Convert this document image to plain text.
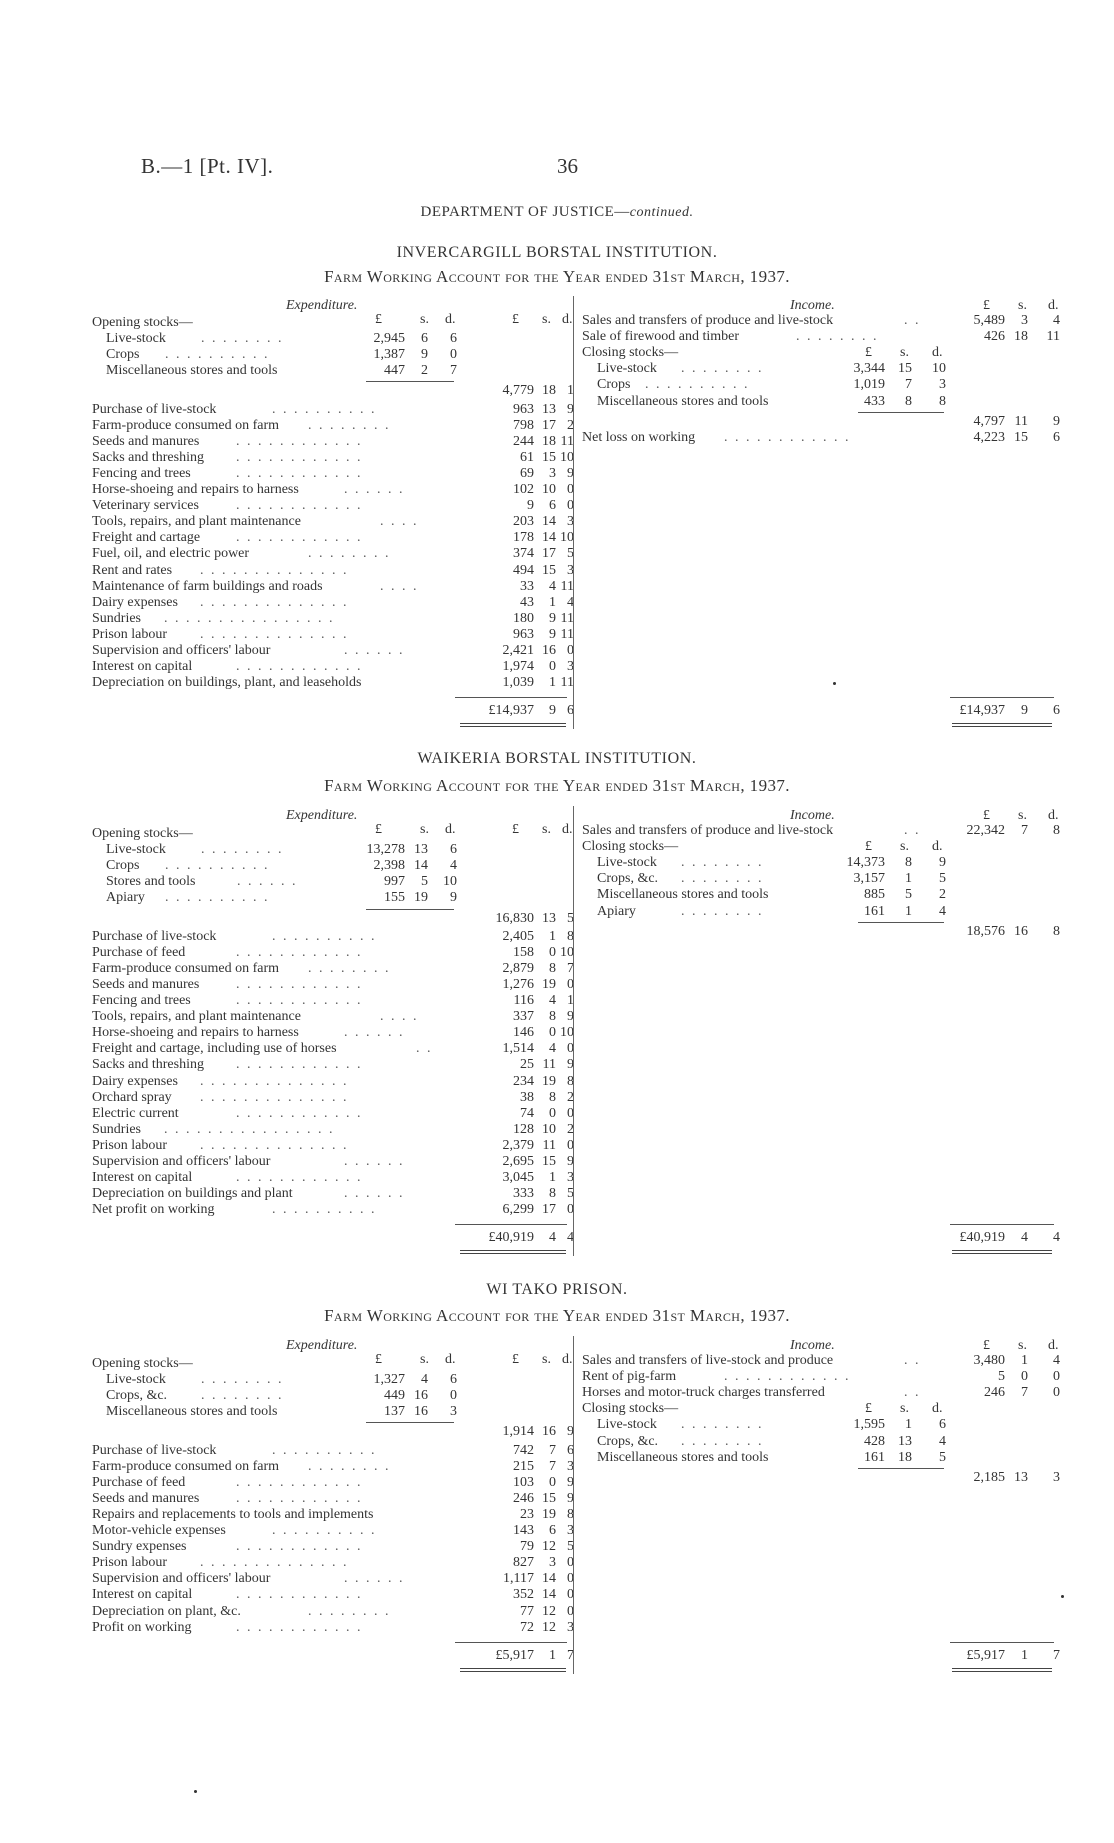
B.—1 [Pt. IV].	36
DEPARTMENT OF JUSTICE—continued.
INVERCARGILL BORSTAL INSTITUTION.
Farm Working Account for the Year ended 31st March, 1937.
Expenditure.	Income.
£	s. d.	£ s. d.
£ s. d.
Opening stocks—
Live-stock	. . . . . . . .	2,945	6	6
Crops . . . . . . . . . .	1,387	9	0
Miscellaneous stores and tools	447	2	7
4,779 18 1
Purchase of live-stock	. . . . . . . . . .	963 13 9
Farm-produce consumed on farm . . . . . . . .	798 17 2
Seeds and manures	. . . . . . . . . . . .	244 18 11
Sacks and threshing . . . . . . . . . . . .	61 15 10
Fencing and trees	. . . . . . . . . . . .	69	3 9
Horse-shoeing and repairs to harness	. . . . . .	102 10 0
Veterinary services	. . . . . . . . . . . .	9	6 0
Tools, repairs, and plant maintenance	. . . .	203 14 3
Freight and cartage	. . . . . . . . . . . .	178 14 10
Fuel, oil, and electric power	. . . . . . . .	374 17 5
Rent and rates . . . . . . . . . . . . . .	494 15 3
Maintenance of farm buildings and roads	. . . .	33	4 11
Dairy expenses . . . . . . . . . . . . . .	43	1 4
Sundries . . . . . . . . . . . . . . . .	180	9 11
Prison labour . . . . . . . . . . . . . .	963	9 11
Supervision and officers' labour	. . . . . .	2,421 16 0
Interest on capital	. . . . . . . . . . . .	1,974	0 3
Depreciation on buildings, plant, and leaseholds	1,039	1 11
£14,937	9 6
Sales and transfers of produce and live-stock	. .	5,489	3	4
Sale of firewood and timber	. . . . . . . .	426 18	11
Closing stocks—	£ s. d.
Live-stock . . . . . . . .	3,344 15	10
Crops . . . . . . . . . .	1,019	7	3
Miscellaneous stores and tools	433	8	8
4,797 11	9
Net loss on working . . . . . . . . . . . .	4,223 15	6
£14,937	9	6
WAIKERIA BORSTAL INSTITUTION.
Farm Working Account for the Year ended 31st March, 1937.
Expenditure.	Income.
£	s. d.	£ s. d.
£ s. d.
Opening stocks—
Live-stock	. . . . . . . .	13,278 13	6
Crops . . . . . . . . . .	2,398 14	4
Stores and tools	. . . . . .	997	5	10
Apiary . . . . . . . . . .	155 19	9
16,830 13 5
Purchase of live-stock	. . . . . . . . . .	2,405	1 8
Purchase of feed	. . . . . . . . . . . .	158	0 10
Farm-produce consumed on farm . . . . . . . .	2,879	8 7
Seeds and manures	. . . . . . . . . . . .	1,276 19 0
Fencing and trees	. . . . . . . . . . . .	116	4 1
Tools, repairs, and plant maintenance	. . . .	337	8 9
Horse-shoeing and repairs to harness	. . . . . .	146	0 10
Freight and cartage, including use of horses	. .	1,514	4 0
Sacks and threshing . . . . . . . . . . . .	25 11 9
Dairy expenses . . . . . . . . . . . . . .	234 19 8
Orchard spray . . . . . . . . . . . . . .	38	8 2
Electric current	. . . . . . . . . . . .	74	0 0
Sundries . . . . . . . . . . . . . . . .	128 10 2
Prison labour . . . . . . . . . . . . . .	2,379 11 0
Supervision and officers' labour	. . . . . .	2,695 15 9
Interest on capital	. . . . . . . . . . . .	3,045	1 3
Depreciation on buildings and plant	. . . . . .	333	8 5
Net profit on working	. . . . . . . . . .	6,299 17 0
£40,919	4 4
Sales and transfers of produce and live-stock	. .	22,342	7	8
Closing stocks—	£ s. d.
Live-stock . . . . . . . .	14,373	8	9
Crops, &c. . . . . . . . .	3,157	1	5
Miscellaneous stores and tools	885	5	2
Apiary	. . . . . . . .	161	1	4
18,576 16	8
£40,919	4	4
WI TAKO PRISON.
Farm Working Account for the Year ended 31st March, 1937.
Expenditure.	Income.
£	s. d.	£ s. d.
£ s. d.
Opening stocks—
Live-stock	. . . . . . . .	1,327	4	6
Crops, &c. . . . . . . . .	449 16	0
Miscellaneous stores and tools	137 16	3
1,914 16 9
Purchase of live-stock	. . . . . . . . . .	742	7 6
Farm-produce consumed on farm . . . . . . . .	215	7 3
Purchase of feed	. . . . . . . . . . . .	103	0 9
Seeds and manures	. . . . . . . . . . . .	246 15 9
Repairs and replacements to tools and implements	23 19 8
Motor-vehicle expenses	. . . . . . . . . .	143	6 3
Sundry expenses	. . . . . . . . . . . .	79 12 5
Prison labour . . . . . . . . . . . . . .	827	3 0
Supervision and officers' labour	. . . . . .	1,117 14 0
Interest on capital	. . . . . . . . . . . .	352 14 0
Depreciation on plant, &c.	. . . . . . . .	77 12 0
Profit on working	. . . . . . . . . . . .	72 12 3
£5,917	1 7
Sales and transfers of live-stock and produce	. .	3,480	1	4
Rent of pig-farm	. . . . . . . . . . . .	5	0	0
Horses and motor-truck charges transferred	. .	246	7	0
Closing stocks—	£ s. d.
Live-stock . . . . . . . .	1,595	1	6
Crops, &c. . . . . . . . .	428 13	4
Miscellaneous stores and tools	161 18	5
2,185 13	3
£5,917	1	7
